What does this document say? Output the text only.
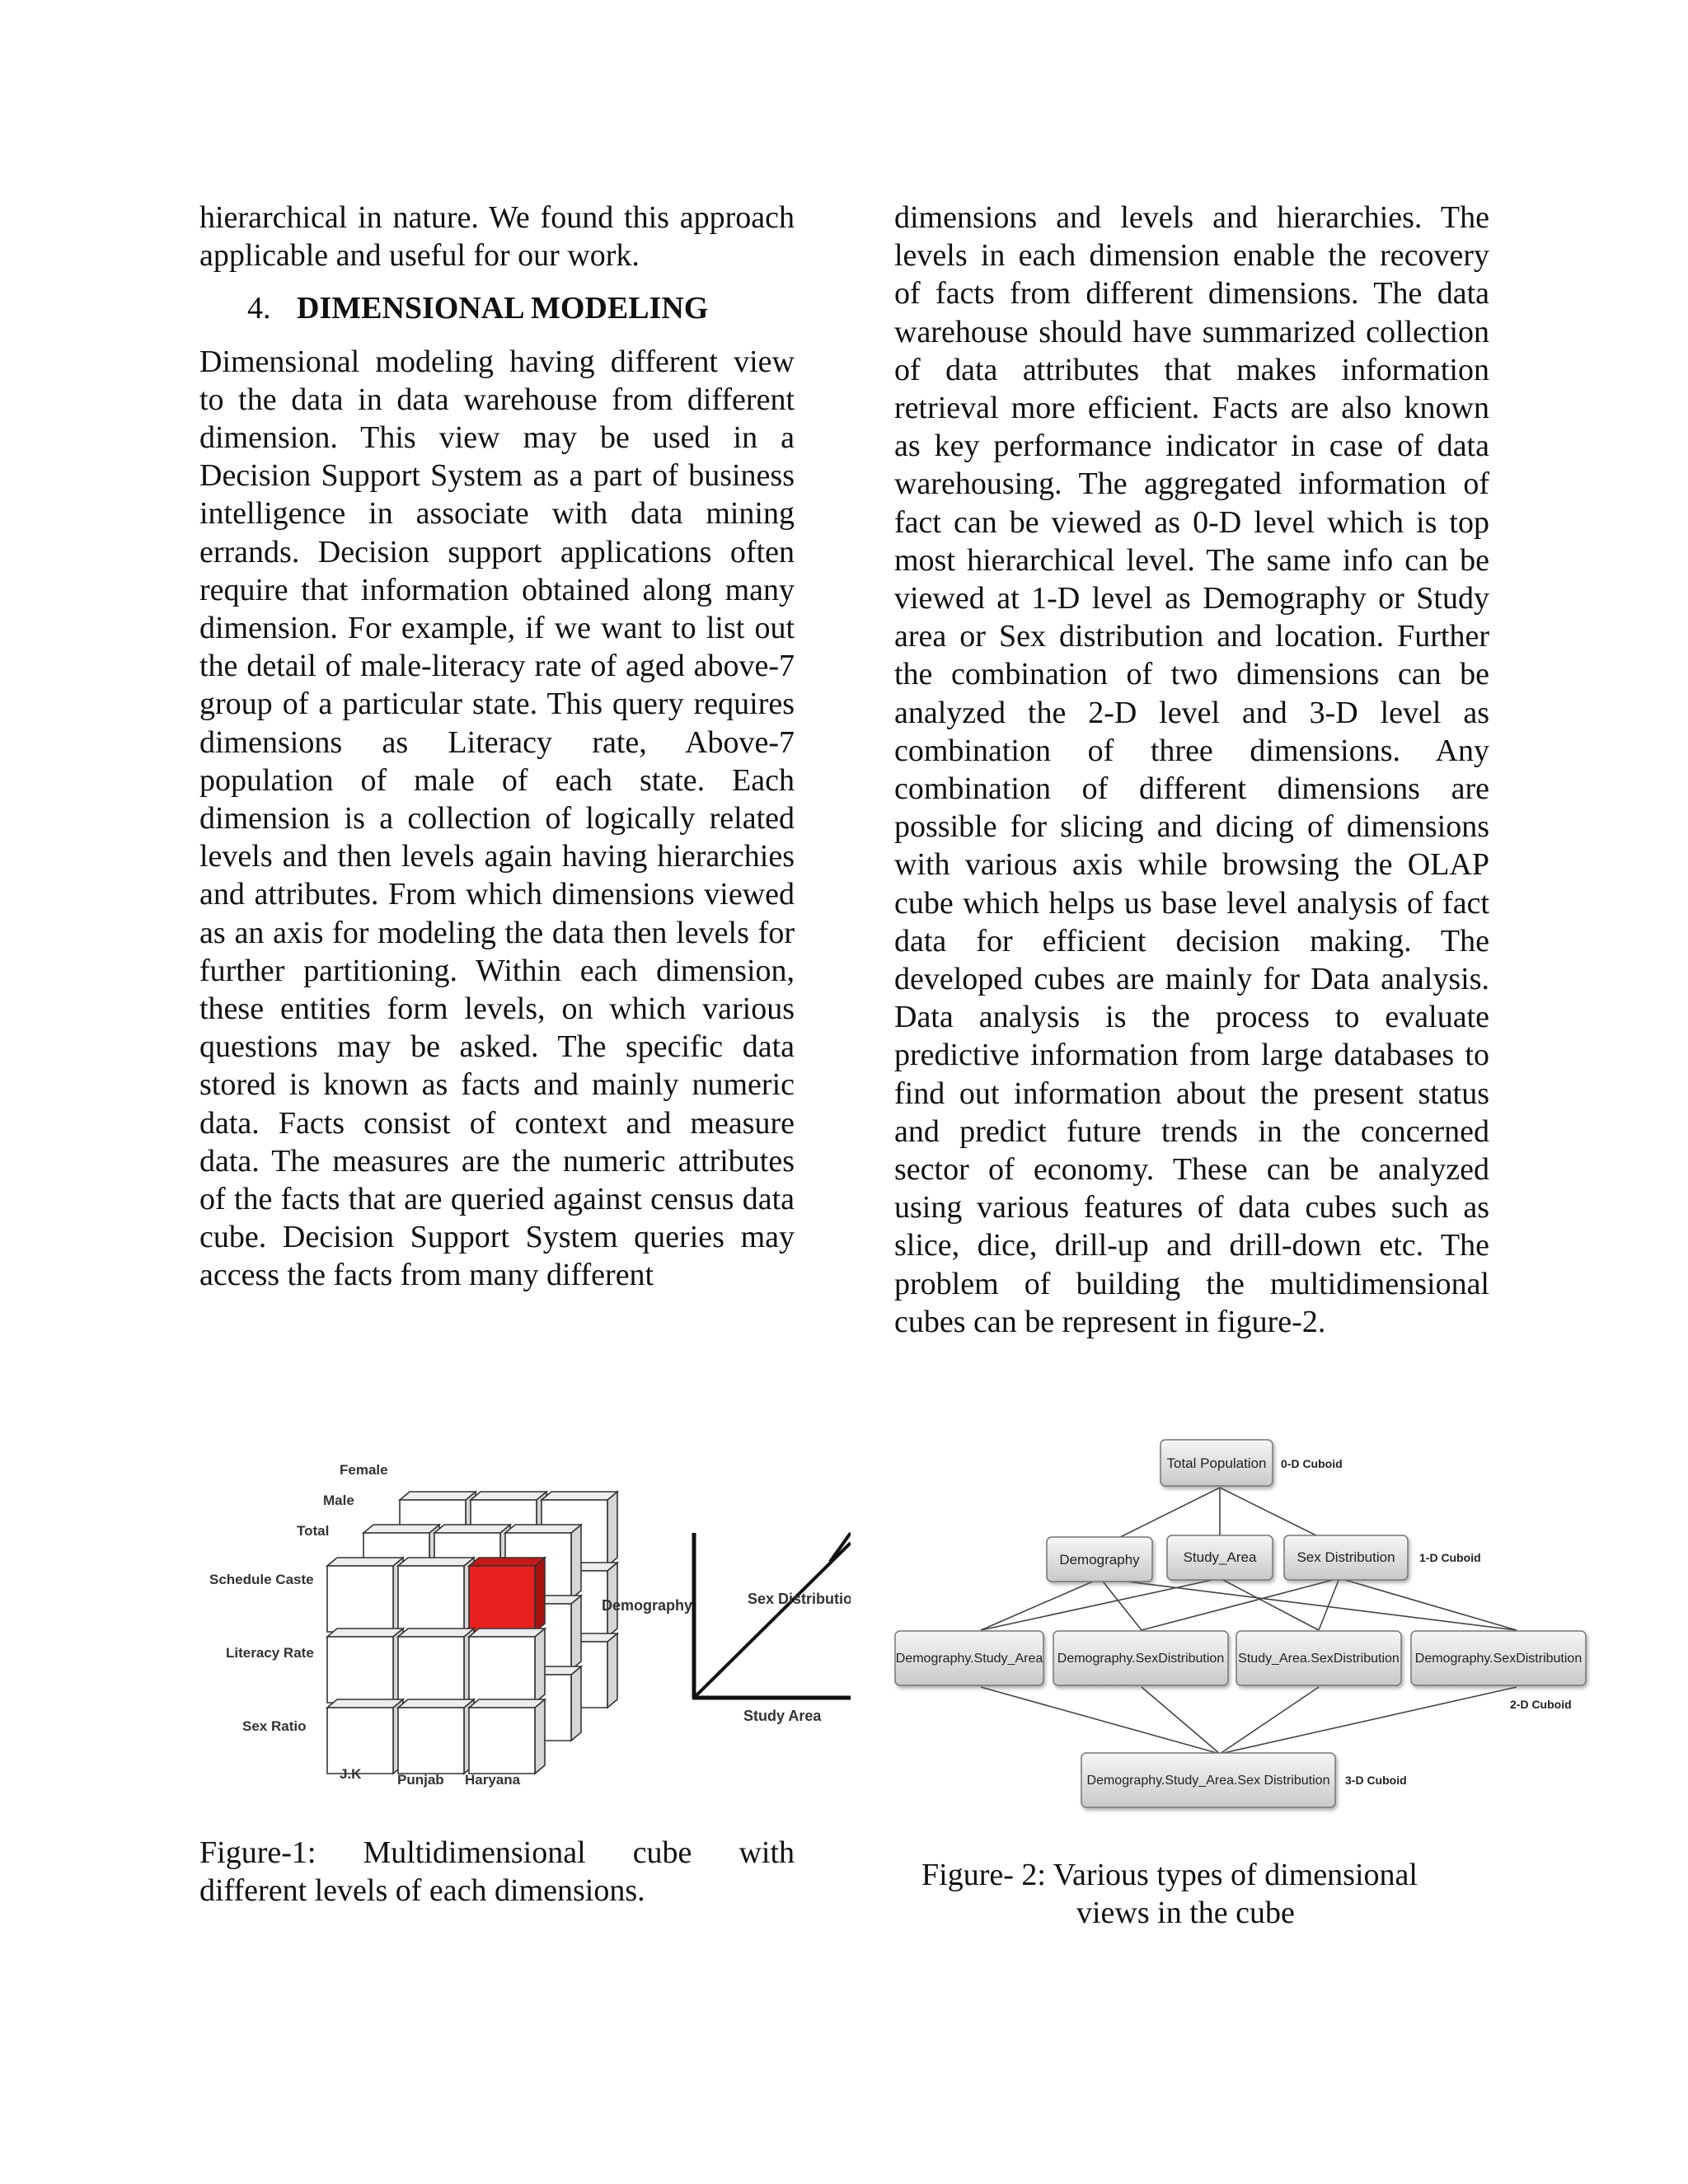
hierarchical in nature. We found this approach applicable and useful for our work.

4. DIMENSIONAL MODELING

Dimensional modeling having different view to the data in data warehouse from different dimension. This view may be used in a Decision Support System as a part of business intelligence in associate with data mining errands. Decision support applications often require that information obtained along many dimension. For example, if we want to list out the detail of male-literacy rate of aged above-7 group of a particular state. This query requires dimensions as Literacy rate, Above-7 population of male of each state. Each dimension is a collection of logically related levels and then levels again having hierarchies and attributes. From which dimensions viewed as an axis for modeling the data then levels for further partitioning. Within each dimension, these entities form levels, on which various questions may be asked. The specific data stored is known as facts and mainly numeric data. Facts consist of context and measure data. The measures are the numeric attributes of the facts that are queried against census data cube. Decision Support System queries may access the facts from many different

dimensions and levels and hierarchies. The levels in each dimension enable the recovery of facts from different dimensions. The data warehouse should have summarized collection of data attributes that makes information retrieval more efficient. Facts are also known as key performance indicator in case of data warehousing. The aggregated information of fact can be viewed as 0-D level which is top most hierarchical level. The same info can be viewed at 1-D level as Demography or Study area or Sex distribution and location. Further the combination of two dimensions can be analyzed the 2-D level and 3-D level as combination of three dimensions. Any combination of different dimensions are possible for slicing and dicing of dimensions with various axis while browsing the OLAP cube which helps us base level analysis of fact data for efficient decision making. The developed cubes are mainly for Data analysis. Data analysis is the process to evaluate predictive information from large databases to find out information about the present status and predict future trends in the concerned sector of economy. These can be analyzed using various features of data cubes such as slice, dice, drill-up and drill-down etc. The problem of building the multidimensional cubes can be represent in figure-2.

Female
Male
Total
Schedule Caste
Literacy Rate
Sex Ratio
J.K	Punjab Haryana
Demography	Sex Distributio
Study Area
Figure-1: Multidimensional cube with
different levels of each dimensions.
Total Population 0-D Cuboid
Demography	Study_Area	Sex Distribution 1-D Cuboid
Demography.Study_Area Demography.SexDistribution Study_Area.SexDistribution Demography.SexDistribution
2-D Cuboid
Demography.Study_Area.Sex Distribution 3-D Cuboid
Figure- 2: Various types of dimensional
views in the cube
